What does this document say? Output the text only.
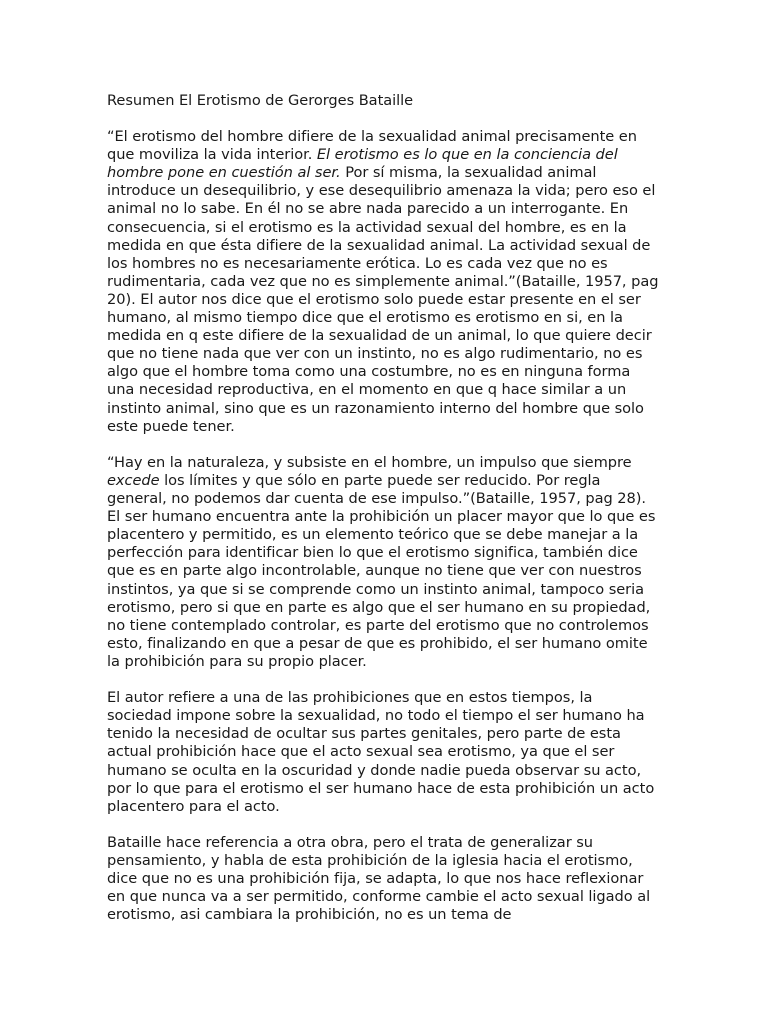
Resumen El Erotismo de Gerorges Bataille

“El erotismo del hombre difiere de la sexualidad animal precisamente en que moviliza la vida interior. El erotismo es lo que en la conciencia del hombre pone en cuestión al ser. Por sí misma, la sexualidad animal introduce un desequilibrio, y ese desequilibrio amenaza la vida; pero eso el animal no lo sabe. En él no se abre nada parecido a un interrogante. En consecuencia, si el erotismo es la actividad sexual del hombre, es en la medida en que ésta difiere de la sexualidad animal. La actividad sexual de los hombres no es necesariamente erótica. Lo es cada vez que no es rudimentaria, cada vez que no es simplemente animal.”(Bataille, 1957, pag 20). El autor nos dice que el erotismo solo puede estar presente en el ser humano, al mismo tiempo dice que el erotismo es erotismo en si, en la medida en q este difiere de la sexualidad de un animal, lo que quiere decir que no tiene nada que ver con un instinto, no es algo rudimentario, no es algo que el hombre toma como una costumbre, no es en ninguna forma una necesidad reproductiva, en el momento en que q hace similar a un instinto animal, sino que es un razonamiento interno del hombre que solo este puede tener.

“Hay en la naturaleza, y subsiste en el hombre, un impulso que siempre excede los límites y que sólo en parte puede ser reducido. Por regla general, no podemos dar cuenta de ese impulso.”(Bataille, 1957, pag 28). El ser humano encuentra ante la prohibición un placer mayor que lo que es placentero y permitido, es un elemento teórico que se debe manejar a la perfección para identificar bien lo que el erotismo significa, también dice que es en parte algo incontrolable, aunque no tiene que ver con nuestros instintos, ya que si se comprende como un instinto animal, tampoco seria erotismo, pero si que en parte es algo que el ser humano en su propiedad, no tiene contemplado controlar, es parte del erotismo que no controlemos esto, finalizando en que a pesar de que es prohibido, el ser humano omite la prohibición para su propio placer.

El autor refiere a una de las prohibiciones que en estos tiempos, la sociedad impone sobre la sexualidad, no todo el tiempo el ser humano ha tenido la necesidad de ocultar sus partes genitales, pero parte de esta actual prohibición hace que el acto sexual sea erotismo, ya que el ser humano se oculta en la oscuridad y donde nadie pueda observar su acto, por lo que para el erotismo el ser humano hace de esta prohibición un acto placentero para el acto.

Bataille hace referencia a otra obra, pero el trata de generalizar su pensamiento, y habla de esta prohibición de la iglesia hacia el erotismo, dice que no es una prohibición fija, se adapta, lo que nos hace reflexionar en que nunca va a ser permitido, conforme cambie el acto sexual ligado al erotismo, asi cambiara la prohibición, no es un tema de
